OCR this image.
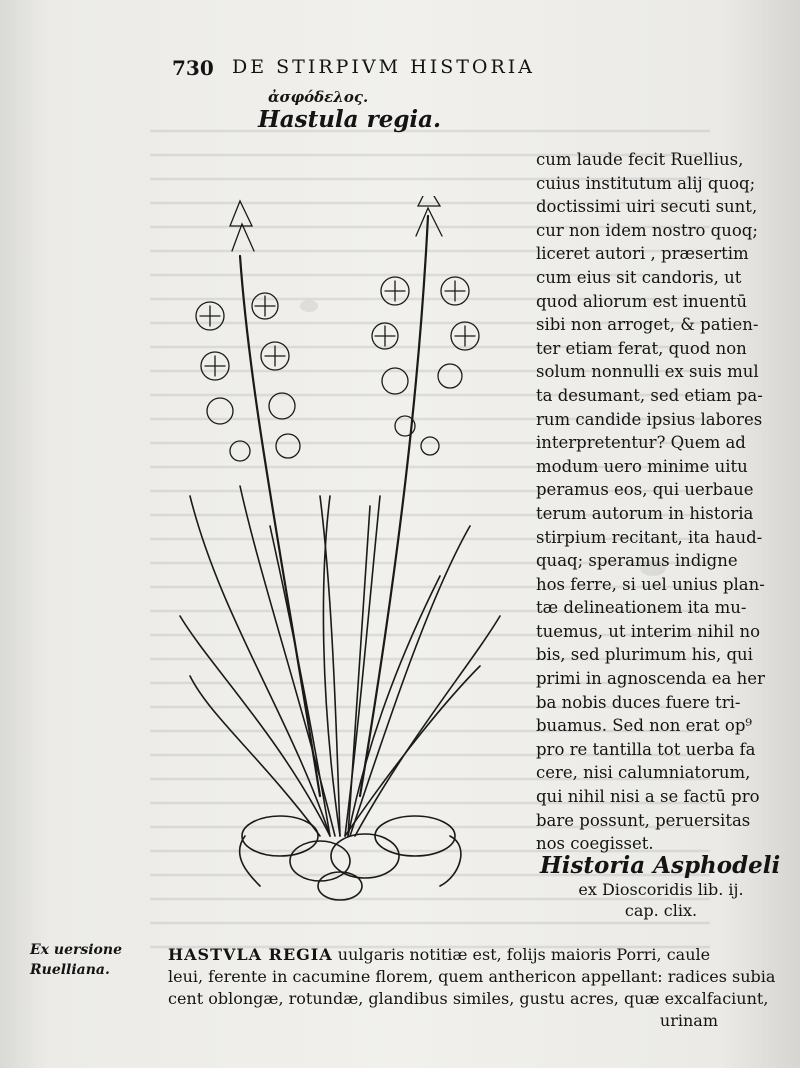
730 DE STIRPIVM HISTORIA
ἀσφόδελος.
Hastula regia.
cum laude fecit Ruellius,
cuius institutum alij quoq;
doctissimi uiri secuti sunt,
cur non idem nostro quoq;
liceret autori , præsertim
cum eius sit candoris, ut
quod aliorum est inuentū
sibi non arroget, & patien-
ter etiam ferat, quod non
solum nonnulli ex suis mul
ta desumant, sed etiam pa-
rum candide ipsius labores
interpretentur? Quem ad
modum uero minime uitu
peramus eos, qui uerbaue
terum autorum in historia
stirpium recitant, ita haud-
quaq; speramus indigne
hos ferre, si uel unius plan-
tæ delineationem ita mu-
tuemus, ut interim nihil no
bis, sed plurimum his, qui
primi in agnoscenda ea her
ba nobis duces fuere tri-
buamus. Sed non erat op⁹
pro re tantilla tot uerba fa
cere, nisi calumniatorum,
qui nihil nisi a se factū pro
bare possunt, peruersitas
nos coegisset.
Historia Asphodeli
ex Dioscoridis lib. ij.
cap. clix.
Ex uersione
Ruelliana.
HASTVLA REGIA uulgaris notitiæ est, folijs maioris Porri, caule
leui, ferente in cacumine florem, quem anthericon appellant: radices subia
cent oblongæ, rotundæ, glandibus similes, gustu acres, quæ excalfaciunt,
urinam
